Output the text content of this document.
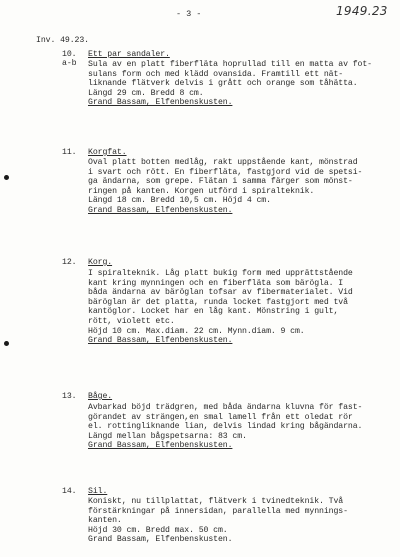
- 3 -	1949.23
Inv. 49.23.
10.
a-b
Ett par sandaler.
Sula av en platt fiberfläta hoprullad till en matta av fot-
sulans form och med klädd ovansida. Framtill ett nät-
liknande flätverk delvis i grått och orange som tåhätta.
Längd 29 cm. Bredd 8 cm.
Grand Bassam, Elfenbenskusten.
11. Korgfat.
Oval platt botten medlåg, rakt uppstående kant, mönstrad
i svart och rött. En fiberfläta, fastgjord vid de spetsi-
ga ändarna, som grepe. Flätan i samma färger som mönst-
ringen på kanten. Korgen utförd i spiralteknik.
Längd 18 cm. Bredd 10,5 cm. Höjd 4 cm.
Grand Bassam, Elfenbenskusten.
12. Korg.
I spiralteknik. Låg platt bukig form med upprättstående
kant kring mynningen och en fiberfläta som bärögla. I
båda ändarna av bäröglan tofsar av fibermaterialet. Vid
bäröglan är det platta, runda locket fastgjort med två
kantöglor. Locket har en låg kant. Mönstring i gult,
rött, violett etc.
Höjd 10 cm. Max.diam. 22 cm. Mynn.diam. 9 cm.
Grand Bassam, Elfenbenskusten.
13. Båge.
Avbarkad böjd trädgren, med båda ändarna kluvna för fast-
görandet av strängen,en smal lamell från ett oledat rör
el. rottingliknande lian, delvis lindad kring bågändarna.
Längd mellan bågspetsarna: 83 cm.
Grand Bassam, Elfenbenskusten.
14. Sil.
Koniskt, nu tillplattat, flätverk i tvinedteknik. Två
förstärkningar på innersidan, parallella med mynnings-
kanten.
Höjd 30 cm. Bredd max. 50 cm.
Grand Bassam, Elfenbenskusten.
